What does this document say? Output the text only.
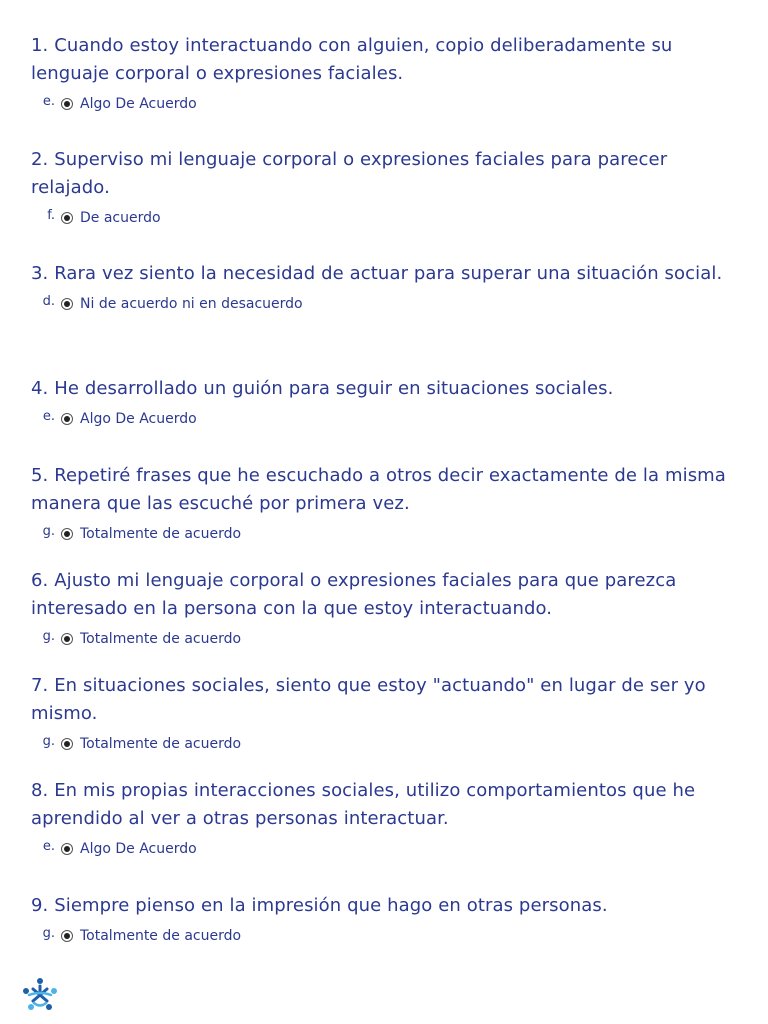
1. Cuando estoy interactuando con alguien, copio deliberadamente su lenguaje corporal o expresiones faciales.

e. Algo De Acuerdo

2. Superviso mi lenguaje corporal o expresiones faciales para parecer relajado.

f. De acuerdo

3. Rara vez siento la necesidad de actuar para superar una situación social.

d. Ni de acuerdo ni en desacuerdo

4. He desarrollado un guión para seguir en situaciones sociales.

e. Algo De Acuerdo

5. Repetiré frases que he escuchado a otros decir exactamente de la misma manera que las escuché por primera vez.

g. Totalmente de acuerdo

6. Ajusto mi lenguaje corporal o expresiones faciales para que parezca interesado en la persona con la que estoy interactuando.

g. Totalmente de acuerdo

7. En situaciones sociales, siento que estoy "actuando" en lugar de ser yo mismo.

g. Totalmente de acuerdo

8. En mis propias interacciones sociales, utilizo comportamientos que he aprendido al ver a otras personas interactuar.

e. Algo De Acuerdo

9. Siempre pienso en la impresión que hago en otras personas.

g. Totalmente de acuerdo
